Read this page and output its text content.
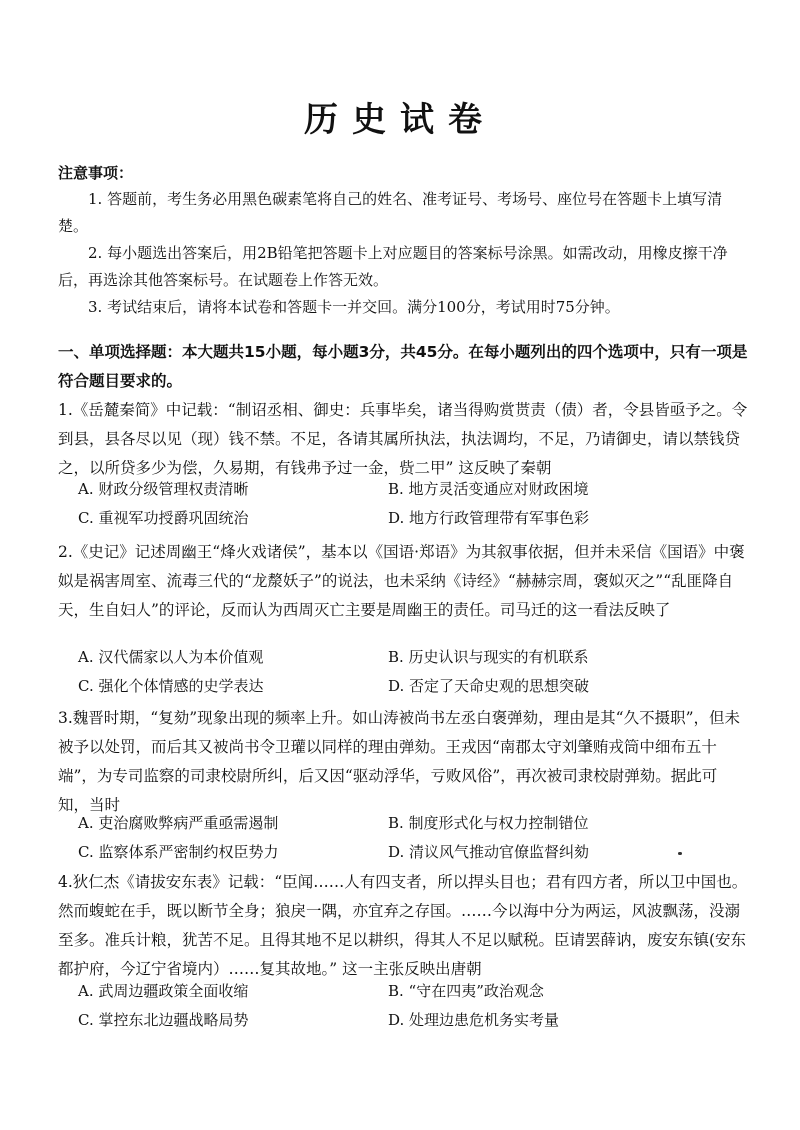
历史试卷
注意事项：
1. 答题前，考生务必用黑色碳素笔将自己的姓名、准考证号、考场号、座位号在答题卡上填写清楚。
2. 每小题选出答案后，用2B铅笔把答题卡上对应题目的答案标号涂黑。如需改动，用橡皮擦干净后，再选涂其他答案标号。在试题卷上作答无效。
3. 考试结束后，请将本试卷和答题卡一并交回。满分100分，考试用时75分钟。
一、单项选择题：本大题共15小题，每小题3分，共45分。在每小题列出的四个选项中，只有一项是符合题目要求的。
1.《岳麓秦简》中记载：“制诏丞相、御史：兵事毕矣，诸当得购赏贳责（债）者，令县皆亟予之。令到县，县各尽以见（现）钱不禁。不足，各请其属所执法，执法调均，不足，乃请御史，请以禁钱贷之，以所贷多少为偿，久易期，有钱弗予过一金，赀二甲” 这反映了秦朝
A. 财政分级管理权责清晰	B. 地方灵活变通应对财政困境
C. 重视军功授爵巩固统治	D. 地方行政管理带有军事色彩
2.《史记》记述周幽王“烽火戏诸侯”，基本以《国语·郑语》为其叙事依据，但并未采信《国语》中褒姒是祸害周室、流毒三代的“龙漦妖子”的说法，也未采纳《诗经》“赫赫宗周，褒姒灭之”“乱匪降自天，生自妇人”的评论，反而认为西周灭亡主要是周幽王的责任。司马迁的这一看法反映了
A. 汉代儒家以人为本价值观	B. 历史认识与现实的有机联系
C. 强化个体情感的史学表达	D. 否定了天命史观的思想突破
3.魏晋时期，“复劾”现象出现的频率上升。如山涛被尚书左丞白褒弹劾，理由是其“久不摄职”，但未被予以处罚，而后其又被尚书令卫瓘以同样的理由弹劾。王戎因“南郡太守刘肇贿戎筒中细布五十端”，为专司监察的司隶校尉所纠，后又因“驱动浮华，亏败风俗”，再次被司隶校尉弹劾。据此可知，当时
A. 吏治腐败弊病严重亟需遏制	B. 制度形式化与权力控制错位
C. 监察体系严密制约权臣势力	D. 清议风气推动官僚监督纠劾
4.狄仁杰《请拔安东表》记载：“臣闻……人有四支者，所以捍头目也；君有四方者，所以卫中国也。然而蝮蛇在手，既以断节全身；狼戾一隅，亦宜弃之存国。……今以海中分为两运，风波飘荡，没溺至多。准兵计粮，犹苦不足。且得其地不足以耕织，得其人不足以赋税。臣请罢薛讷，废安东镇(安东都护府，今辽宁省境内）……复其故地。” 这一主张反映出唐朝
A. 武周边疆政策全面收缩	B. “守在四夷”政治观念
C. 掌控东北边疆战略局势	D. 处理边患危机务实考量
